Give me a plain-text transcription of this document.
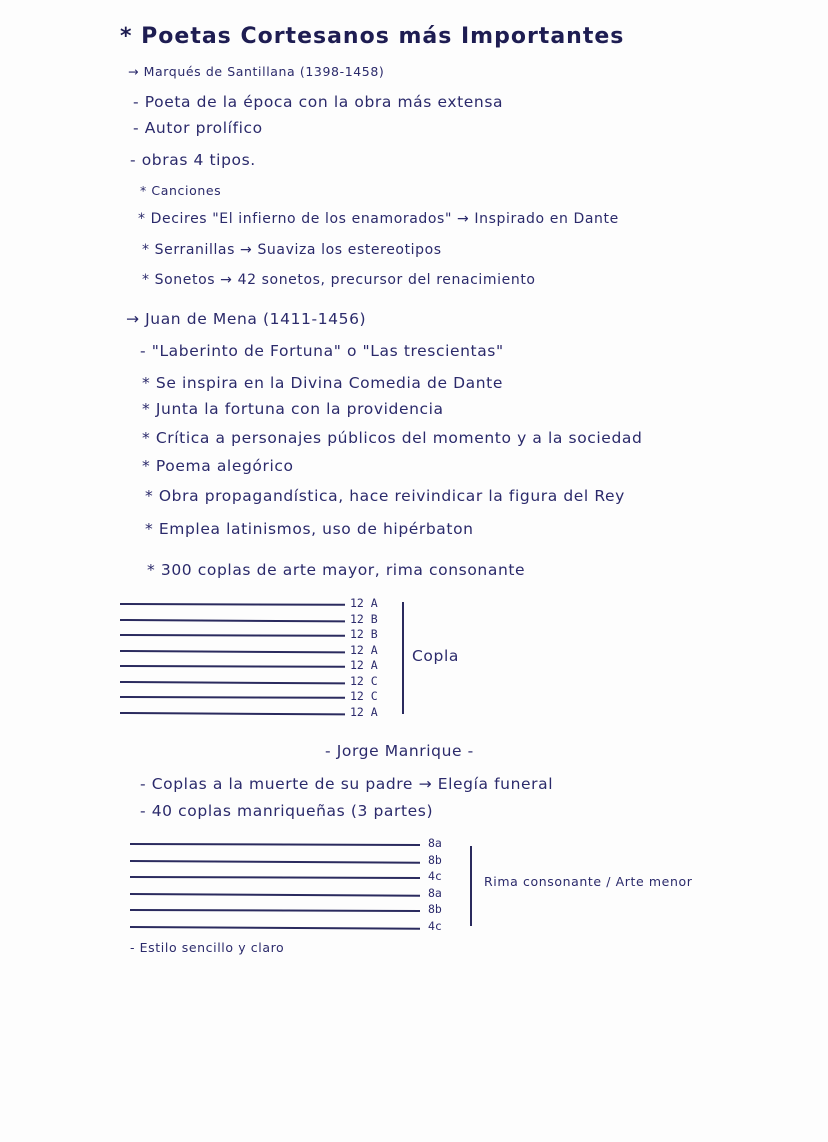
* Poetas Cortesanos más Importantes
→ Marqués de Santillana (1398-1458)
- Poeta de la época con la obra más extensa
- Autor prolífico
- obras 4 tipos.
* Canciones
* Decires "El infierno de los enamorados" → Inspirado en Dante
* Serranillas → Suaviza los estereotipos
* Sonetos → 42 sonetos, precursor del renacimiento
→ Juan de Mena (1411-1456)
- "Laberinto de Fortuna" o "Las trescientas"
* Se inspira en la Divina Comedia de Dante
* Junta la fortuna con la providencia
* Crítica a personajes públicos del momento y a la sociedad
* Poema alegórico
* Obra propagandística, hace reivindicar la figura del Rey
* Emplea latinismos, uso de hipérbaton
* 300 coplas de arte mayor, rima consonante
12 A
12 B
12 B
12 A
12 A
12 C
12 C
12 A
Copla
- Jorge Manrique -
- Coplas a la muerte de su padre → Elegía funeral
- 40 coplas manriqueñas (3 partes)
8a
8b
4c
8a
8b
4c
Rima consonante / Arte menor
- Estilo sencillo y claro
